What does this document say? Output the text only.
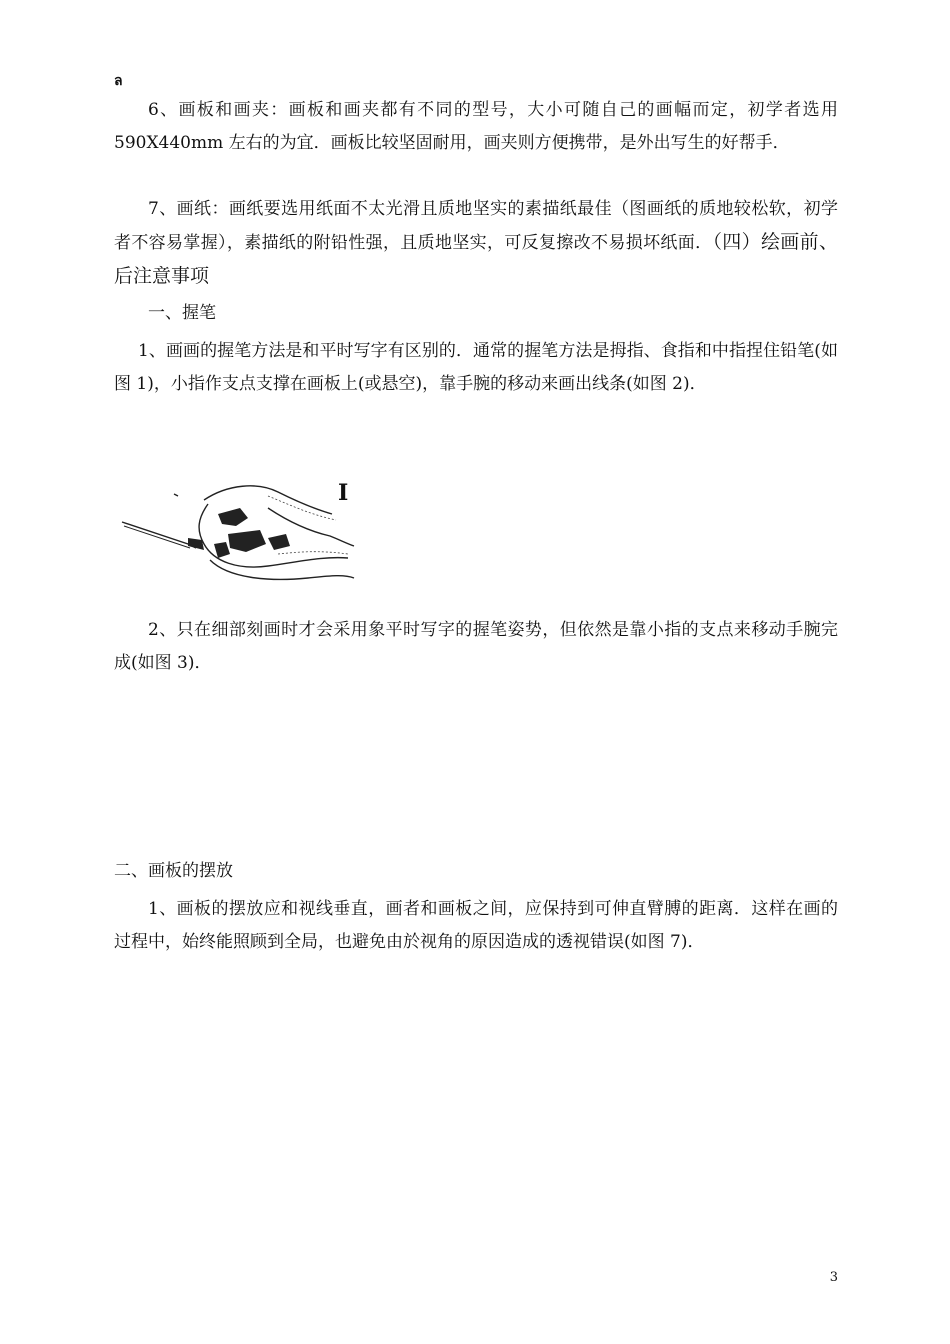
ล

6、画板和画夹：画板和画夹都有不同的型号，大小可随自己的画幅而定，初学者选用 590X440mm 左右的为宜．画板比较坚固耐用，画夹则方便携带，是外出写生的好帮手．

7、画纸：画纸要选用纸面不太光滑且质地坚实的素描纸最佳（图画纸的质地较松软，初学者不容易掌握），素描纸的附铅性强，且质地坚实，可反复擦改不易损坏纸面．（四）绘画前、后注意事项

一、握笔

1、画画的握笔方法是和平时写字有区别的．通常的握笔方法是拇指、食指和中指捏住铅笔(如图 1)，小指作支点支撑在画板上(或悬空)，靠手腕的移动来画出线条(如图 2)．

Ⅰ

2、只在细部刻画时才会采用象平时写字的握笔姿势，但依然是靠小指的支点来移动手腕完成(如图 3)．

二、画板的摆放

1、画板的摆放应和视线垂直，画者和画板之间，应保持到可伸直臂膊的距离．这样在画的过程中，始终能照顾到全局，也避免由於视角的原因造成的透视错误(如图 7)．

3
